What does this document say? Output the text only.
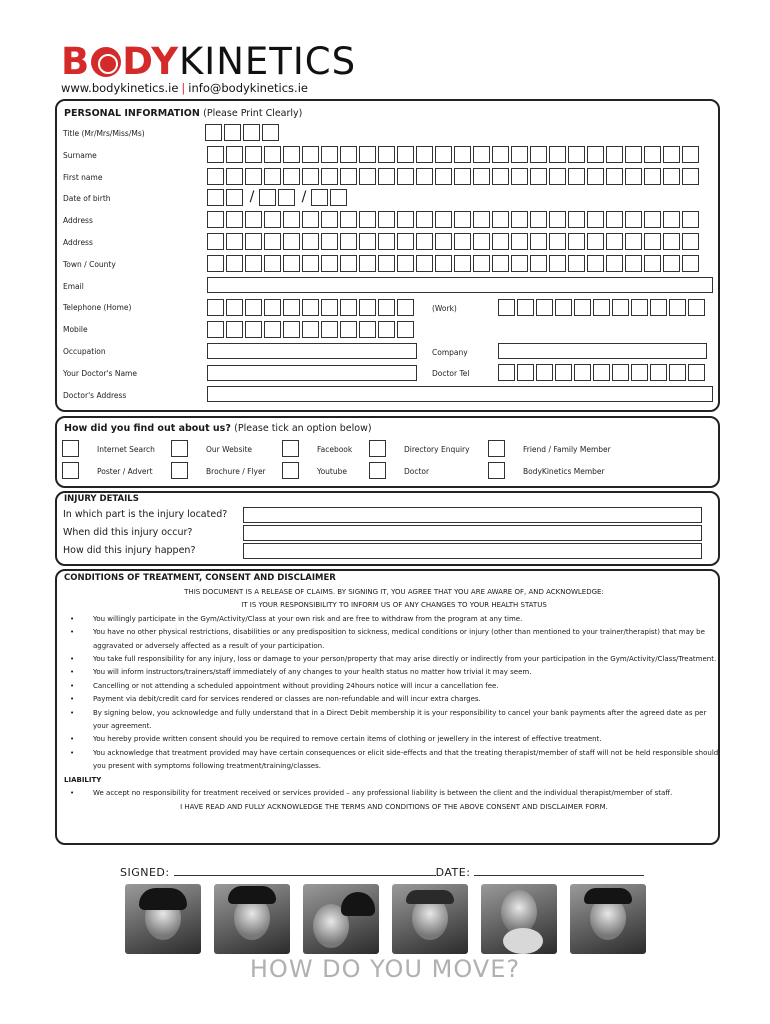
B DYKINETICS
www.bodykinetics.ie | info@bodykinetics.ie
PERSONAL INFORMATION (Please Print Clearly)
Title (Mr/Mrs/Miss/Ms)
Surname
First name
Date of birth	/	/
Address
Address
Town / County
Email
Telephone (Home)	(Work)
Mobile
Occupation	Company
Your Doctor's Name	Doctor Tel
Doctor's Address
How did you find out about us? (Please tick an option below)
Internet Search	Our Website	Facebook	Directory Enquiry	Friend / Family Member
Poster / Advert	Brochure / Flyer	Youtube	Doctor	BodyKinetics Member
INJURY DETAILS
In which part is the injury located?
When did this injury occur?
How did this injury happen?
CONDITIONS OF TREATMENT, CONSENT AND DISCLAIMER
THIS DOCUMENT IS A RELEASE OF CLAIMS. BY SIGNING IT, YOU AGREE THAT YOU ARE AWARE OF, AND ACKNOWLEDGE:
IT IS YOUR RESPONSIBILITY TO INFORM US OF ANY CHANGES TO YOUR HEALTH STATUS
• You willingly participate in the Gym/Activity/Class at your own risk and are free to withdraw from the program at any time.
• You have no other physical restrictions, disabilities or any predisposition to sickness, medical conditions or injury (other than mentioned to your trainer/therapist) that may be aggravated or adversely affected as a result of your participation.
• You take full responsibility for any injury, loss or damage to your person/property that may arise directly or indirectly from your participation in the Gym/Activity/Class/Treatment.
• You will inform instructors/trainers/staff immediately of any changes to your health status no matter how trivial it may seem.
• Cancelling or not attending a scheduled appointment without providing 24hours notice will incur a cancellation fee.
• Payment via debit/credit card for services rendered or classes are non-refundable and will incur extra charges.
• By signing below, you acknowledge and fully understand that in a Direct Debit membership it is your responsibility to cancel your bank payments after the agreed date as per your agreement.
• You hereby provide written consent should you be required to remove certain items of clothing or jewellery in the interest of effective treatment.
• You acknowledge that treatment provided may have certain consequences or elicit side-effects and that the treating therapist/member of staff will not be held responsible should you present with symptoms following treatment/training/classes.
LIABILITY
• We accept no responsibility for treatment received or services provided – any professional liability is between the client and the individual therapist/member of staff.
I HAVE READ AND FULLY ACKNOWLEDGE THE TERMS AND CONDITIONS OF THE ABOVE CONSENT AND DISCLAIMER FORM.
SIGNED:	DATE:
HOW DO YOU MOVE?
